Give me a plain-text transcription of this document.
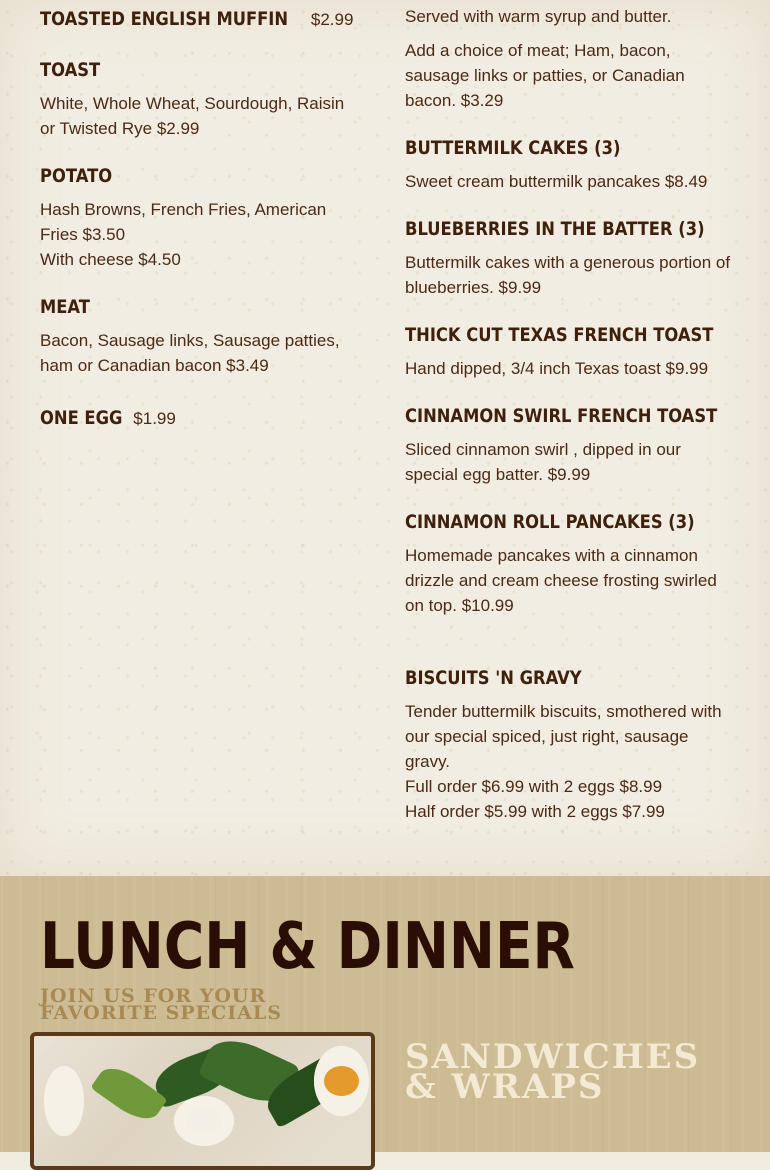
TOASTED ENGLISH MUFFIN $2.99
TOAST

White, Whole Wheat, Sourdough, Raisin or Twisted Rye $2.99

POTATO

Hash Browns, French Fries, American Fries $3.50

With cheese $4.50

MEAT

Bacon, Sausage links, Sausage patties, ham or Canadian bacon $3.49

ONE EGG $1.99

Served with warm syrup and butter.

Add a choice of meat; Ham, bacon, sausage links or patties, or Canadian bacon. $3.29

BUTTERMILK CAKES (3)

Sweet cream buttermilk pancakes $8.49

BLUEBERRIES IN THE BATTER (3)

Buttermilk cakes with a generous portion of blueberries. $9.99

THICK CUT TEXAS FRENCH TOAST

Hand dipped, 3/4 inch Texas toast $9.99

CINNAMON SWIRL FRENCH TOAST

Sliced cinnamon swirl , dipped in our special egg batter. $9.99

CINNAMON ROLL PANCAKES (3)

Homemade pancakes with a cinnamon drizzle and cream cheese frosting swirled on top. $10.99

BISCUITS 'N GRAVY

Tender buttermilk biscuits, smothered with our special spiced, just right, sausage gravy.

Full order $6.99 with 2 eggs $8.99

Half order $5.99 with 2 eggs $7.99

LUNCH & DINNER
JOIN US FOR YOUR FAVORITE SPECIALS
SANDWICHES & WRAPS
